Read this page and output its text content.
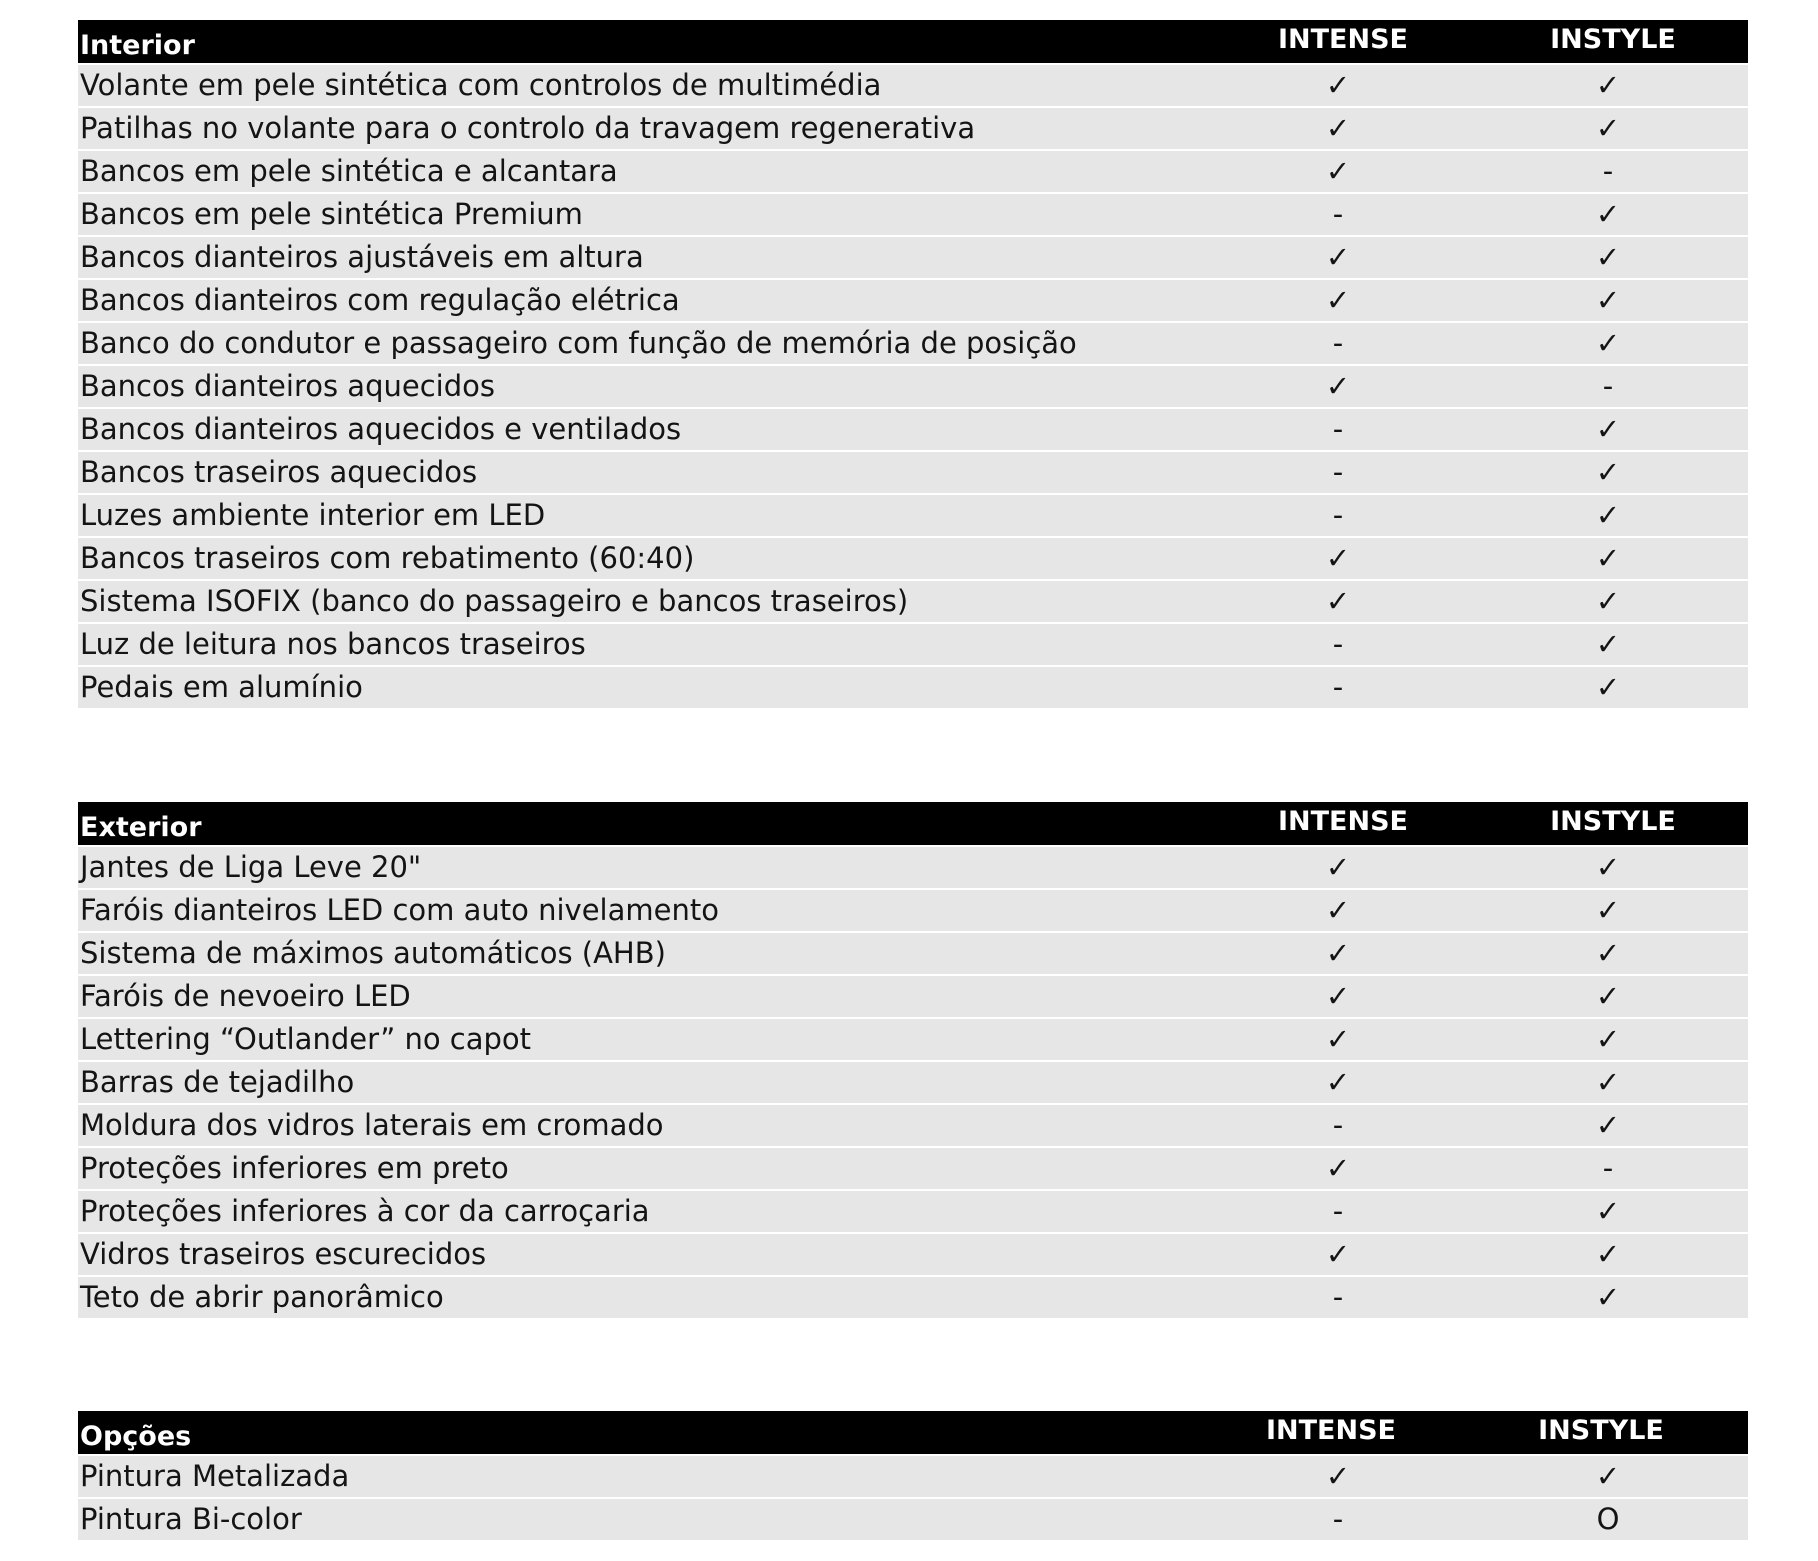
Interior	INTENSE	INSTYLE
Volante em pele sintética com controlos de multimédia	✓	✓
Patilhas no volante para o controlo da travagem regenerativa	✓	✓
Bancos em pele sintética e alcantara	✓	-
Bancos em pele sintética Premium	-	✓
Bancos dianteiros ajustáveis em altura	✓	✓
Bancos dianteiros com regulação elétrica	✓	✓
Banco do condutor e passageiro com função de memória de posição	-	✓
Bancos dianteiros aquecidos	✓	-
Bancos dianteiros aquecidos e ventilados	-	✓
Bancos traseiros aquecidos	-	✓
Luzes ambiente interior em LED	-	✓
Bancos traseiros com rebatimento (60:40)	✓	✓
Sistema ISOFIX (banco do passageiro e bancos traseiros)	✓	✓
Luz de leitura nos bancos traseiros	-	✓
Pedais em alumínio	-	✓
Exterior	INTENSE	INSTYLE
Jantes de Liga Leve 20"	✓	✓
Faróis dianteiros LED com auto nivelamento	✓	✓
Sistema de máximos automáticos (AHB)	✓	✓
Faróis de nevoeiro LED	✓	✓
Lettering “Outlander” no capot	✓	✓
Barras de tejadilho	✓	✓
Moldura dos vidros laterais em cromado	-	✓
Proteções inferiores em preto	✓	-
Proteções inferiores à cor da carroçaria	-	✓
Vidros traseiros escurecidos	✓	✓
Teto de abrir panorâmico	-	✓
Opções	INTENSE	INSTYLE
Pintura Metalizada	✓	✓
Pintura Bi-color	-	O
